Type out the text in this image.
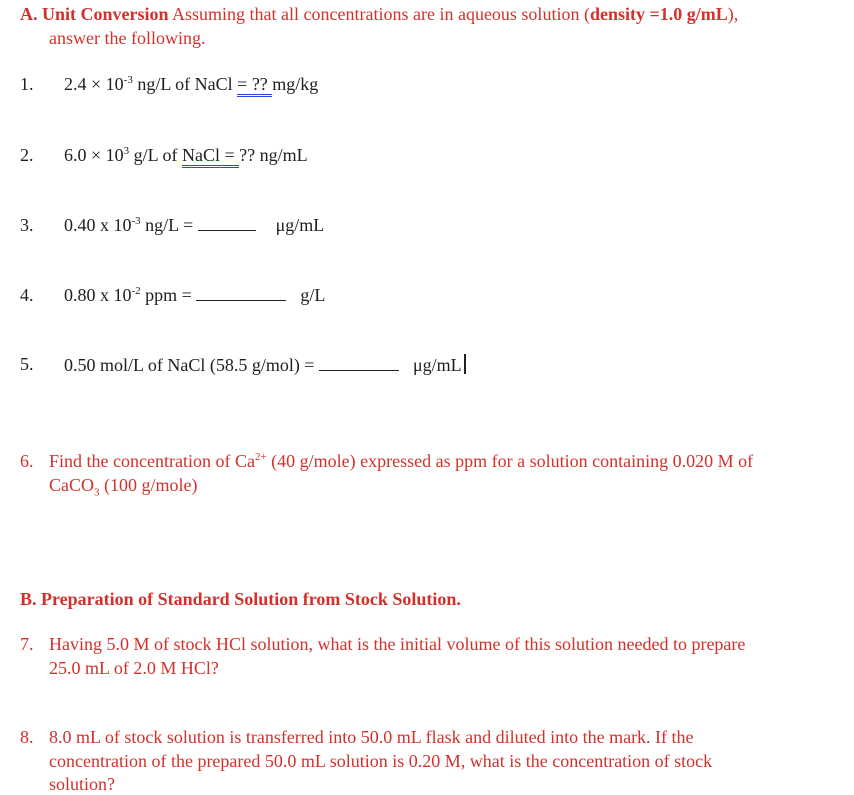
A. Unit Conversion Assuming that all concentrations are in aqueous solution (density =1.0 g/mL),
answer the following.
1. $2.4 \times 10^{-3}$ ng/L of NaCl = ?? mg/kg
2. $6.0 \times 10^3$ g/L of NaCl = ?? ng/mL
3. 0.40 x $10^{-3}$ ng/L =	μg/mL
4. 0.80 x $10^{-2}$ ppm =	g/L
5. 0.50 mol/L of NaCl (58.5 g/mol) =	μg/mL
6. Find the concentration of $Ca^{2+}$ (40 g/mole) expressed as ppm for a solution containing 0.020 M of
CaCO$_3$ (100 g/mole)
B. Preparation of Standard Solution from Stock Solution.
7. Having 5.0 M of stock HCl solution, what is the initial volume of this solution needed to prepare
25.0 mL of 2.0 M HCl?
8. 8.0 mL of stock solution is transferred into 50.0 mL flask and diluted into the mark. If the
concentration of the prepared 50.0 mL solution is 0.20 M, what is the concentration of stock
solution?
